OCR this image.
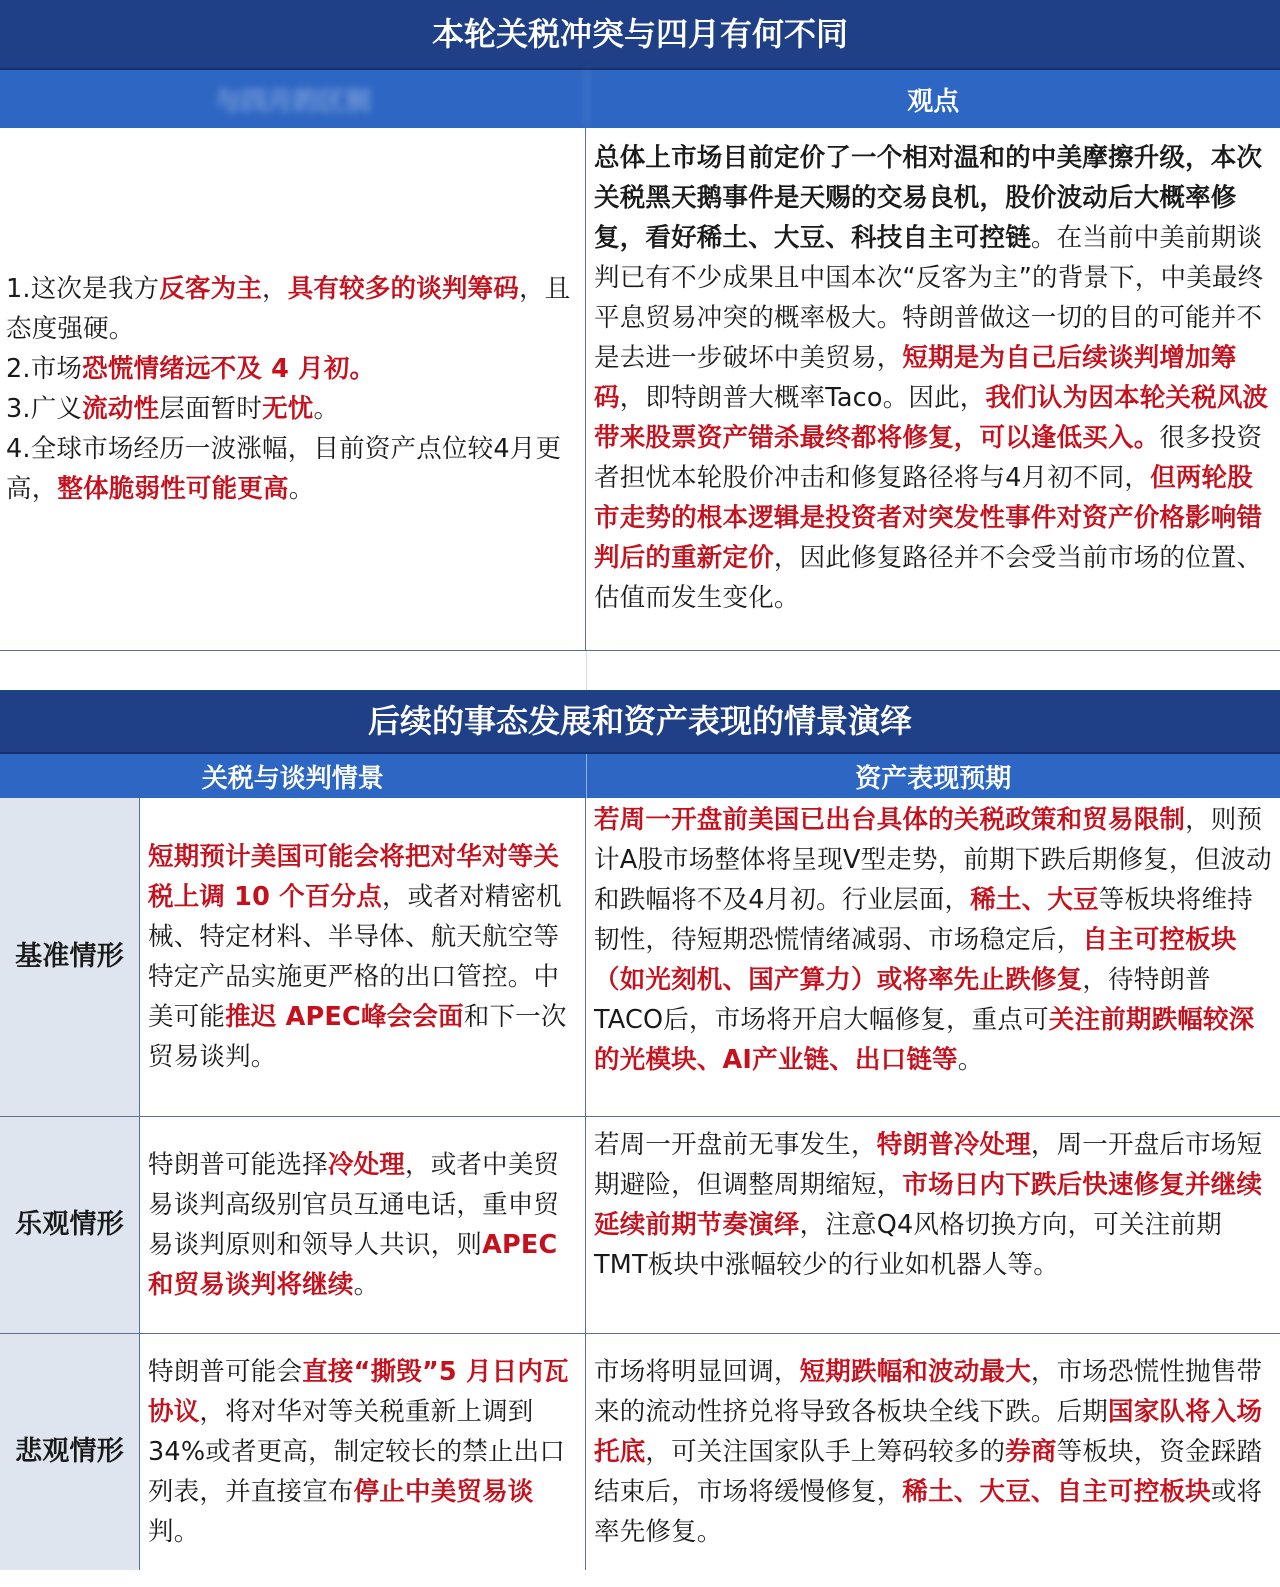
本轮关税冲突与四月有何不同
与四月的区别	观点
1.这次是我方反客为主，具有较多的谈判筹码，且态度强硬。
2.市场恐慌情绪远不及 4 月初。
3.广义流动性层面暂时无忧。
4.全球市场经历一波涨幅，目前资产点位较4月更高，整体脆弱性可能更高。
总体上市场目前定价了一个相对温和的中美摩擦升级，本次关税黑天鹅事件是天赐的交易良机，股价波动后大概率修复，看好稀土、大豆、科技自主可控链。在当前中美前期谈判已有不少成果且中国本次“反客为主”的背景下，中美最终平息贸易冲突的概率极大。特朗普做这一切的目的可能并不是去进一步破坏中美贸易，短期是为自己后续谈判增加筹码，即特朗普大概率Taco。因此，我们认为因本轮关税风波带来股票资产错杀最终都将修复，可以逢低买入。很多投资者担忧本轮股价冲击和修复路径将与4月初不同，但两轮股市走势的根本逻辑是投资者对突发性事件对资产价格影响错判后的重新定价，因此修复路径并不会受当前市场的位置、估值而发生变化。
后续的事态发展和资产表现的情景演绎
关税与谈判情景	资产表现预期
基准情形
短期预计美国可能会将把对华对等关税上调 10 个百分点，或者对精密机械、特定材料、半导体、航天航空等特定产品实施更严格的出口管控。中美可能推迟 APEC峰会会面和下一次贸易谈判。
若周一开盘前美国已出台具体的关税政策和贸易限制，则预计A股市场整体将呈现V型走势，前期下跌后期修复，但波动和跌幅将不及4月初。行业层面，稀土、大豆等板块将维持韧性，待短期恐慌情绪减弱、市场稳定后，自主可控板块（如光刻机、国产算力）或将率先止跌修复，待特朗普 TACO后，市场将开启大幅修复，重点可关注前期跌幅较深的光模块、AI产业链、出口链等。
乐观情形
特朗普可能选择冷处理，或者中美贸易谈判高级别官员互通电话，重申贸易谈判原则和领导人共识，则APEC 和贸易谈判将继续。
若周一开盘前无事发生，特朗普冷处理，周一开盘后市场短期避险，但调整周期缩短，市场日内下跌后快速修复并继续延续前期节奏演绎，注意Q4风格切换方向，可关注前期TMT板块中涨幅较少的行业如机器人等。
悲观情形
特朗普可能会直接“撕毁”5 月日内瓦协议，将对华对等关税重新上调到34%或者更高，制定较长的禁止出口列表，并直接宣布停止中美贸易谈判。
市场将明显回调，短期跌幅和波动最大，市场恐慌性抛售带来的流动性挤兑将导致各板块全线下跌。后期国家队将入场托底，可关注国家队手上筹码较多的券商等板块，资金踩踏结束后，市场将缓慢修复，稀土、大豆、自主可控板块或将率先修复。
